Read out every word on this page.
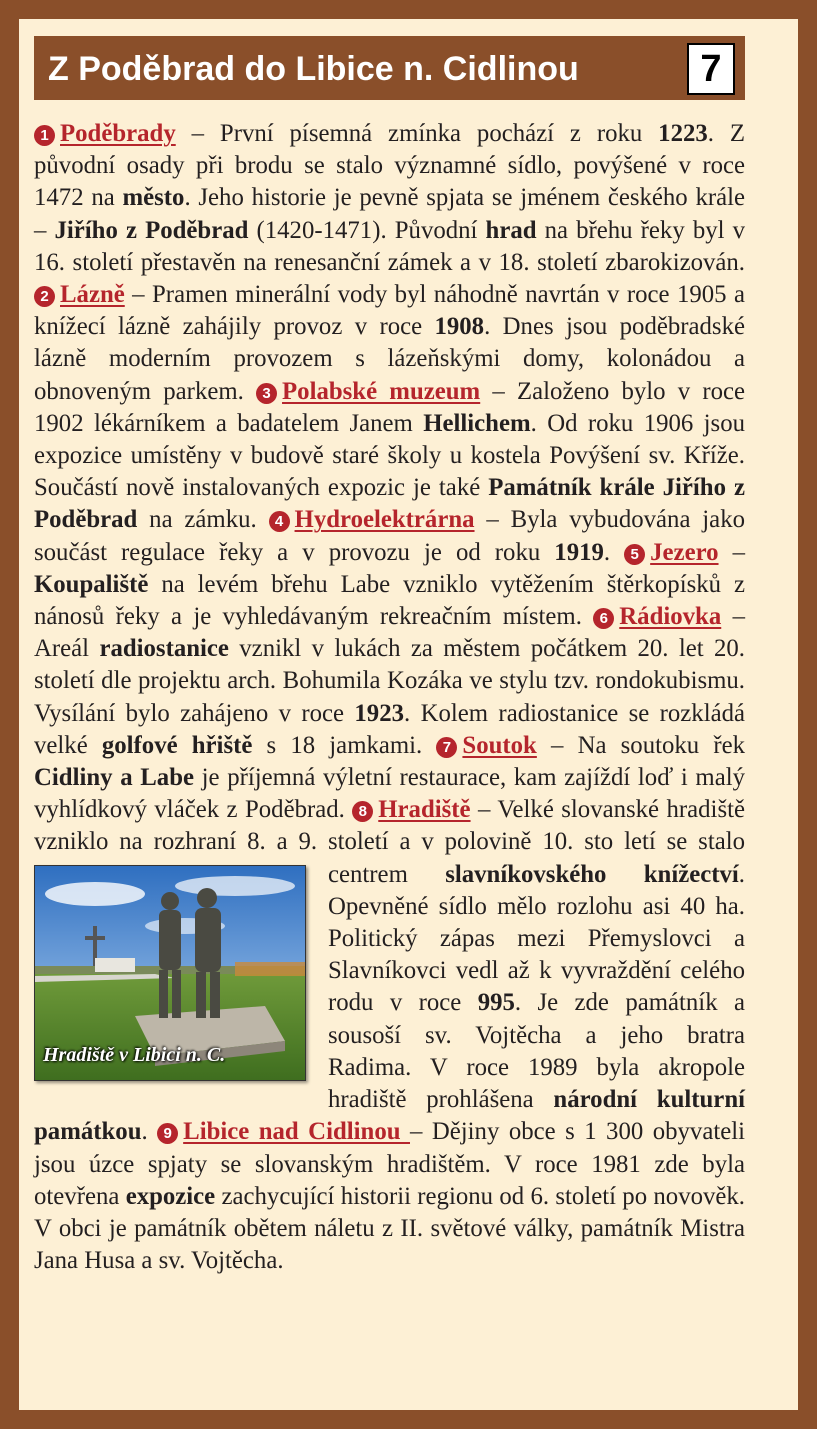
Z Poděbrad do Libice n. Cidlinou	7
1 Poděbrady – První písemná zmínka pochází z roku 1223. Z původní osady při brodu se stalo významné sídlo, povýšené v roce 1472 na město. Jeho historie je pevně spjata se jménem českého krále – Jiřího z Poděbrad (1420-1471). Původní hrad na břehu řeky byl v 16. století přestavěn na renesanční zámek a v 18. století zbarokizován. 2 Lázně – Pramen minerální vody byl náhodně navrtán v roce 1905 a knížecí lázně zahájily provoz v roce 1908. Dnes jsou poděbradské lázně moderním provozem s lázeňskými domy, kolonádou a obnoveným parkem. 3 Polabské muzeum – Založeno bylo v roce 1902 lékárníkem a badatelem Janem Hellichem. Od roku 1906 jsou expozice umístěny v budově staré školy u kostela Povýšení sv. Kříže. Součástí nově instalovaných expozic je také Památník krále Jiřího z Poděbrad na zámku. 4 Hydroelektrárna – Byla vybudována jako součást regulace řeky a v provozu je od roku 1919. 5 Jezero – Koupaliště na levém břehu Labe vzniklo vytěžením štěrkopísků z nánosů řeky a je vyhledávaným rekreačním místem. 6 Rádiovka – Areál radiostanice vznikl v lukách za městem počátkem 20. let 20. století dle projektu arch. Bohumila Kozáka ve stylu tzv. rondokubismu. Vysílání bylo zahájeno v roce 1923. Kolem radiostanice se rozkládá velké golfové hřiště s 18 jamkami. 7 Soutok – Na soutoku řek Cidliny a Labe je příjemná výletní restaurace, kam zajíždí loď i malý vyhlídkový vláček z Poděbrad. 8 Hradiště – Velké slovanské hradiště vzniklo na rozhraní 8. a 9. století a v polovině 10. sto
Hradiště v Libici n. C.
letí se stalo centrem slavníkovského knížectví. Opevněné sídlo mělo rozlohu asi 40 ha. Politický zápas mezi Přemyslovci a Slavníkovci vedl až k vyvraždění celého rodu v roce 995. Je zde památník a sousoší sv. Vojtěcha a jeho bratra Radima. V roce 1989 byla akropole hradiště prohlášena národní kulturní památkou. 9 Libice nad Cidlinou – Dějiny obce s 1 300 obyvateli jsou úzce spjaty se slovanským hradištěm. V roce 1981 zde byla otevřena expozice zachycující historii regionu od 6. století po novověk. V obci je památník obětem náletu z II. světové války, památník Mistra Jana Husa a sv. Vojtěcha.
